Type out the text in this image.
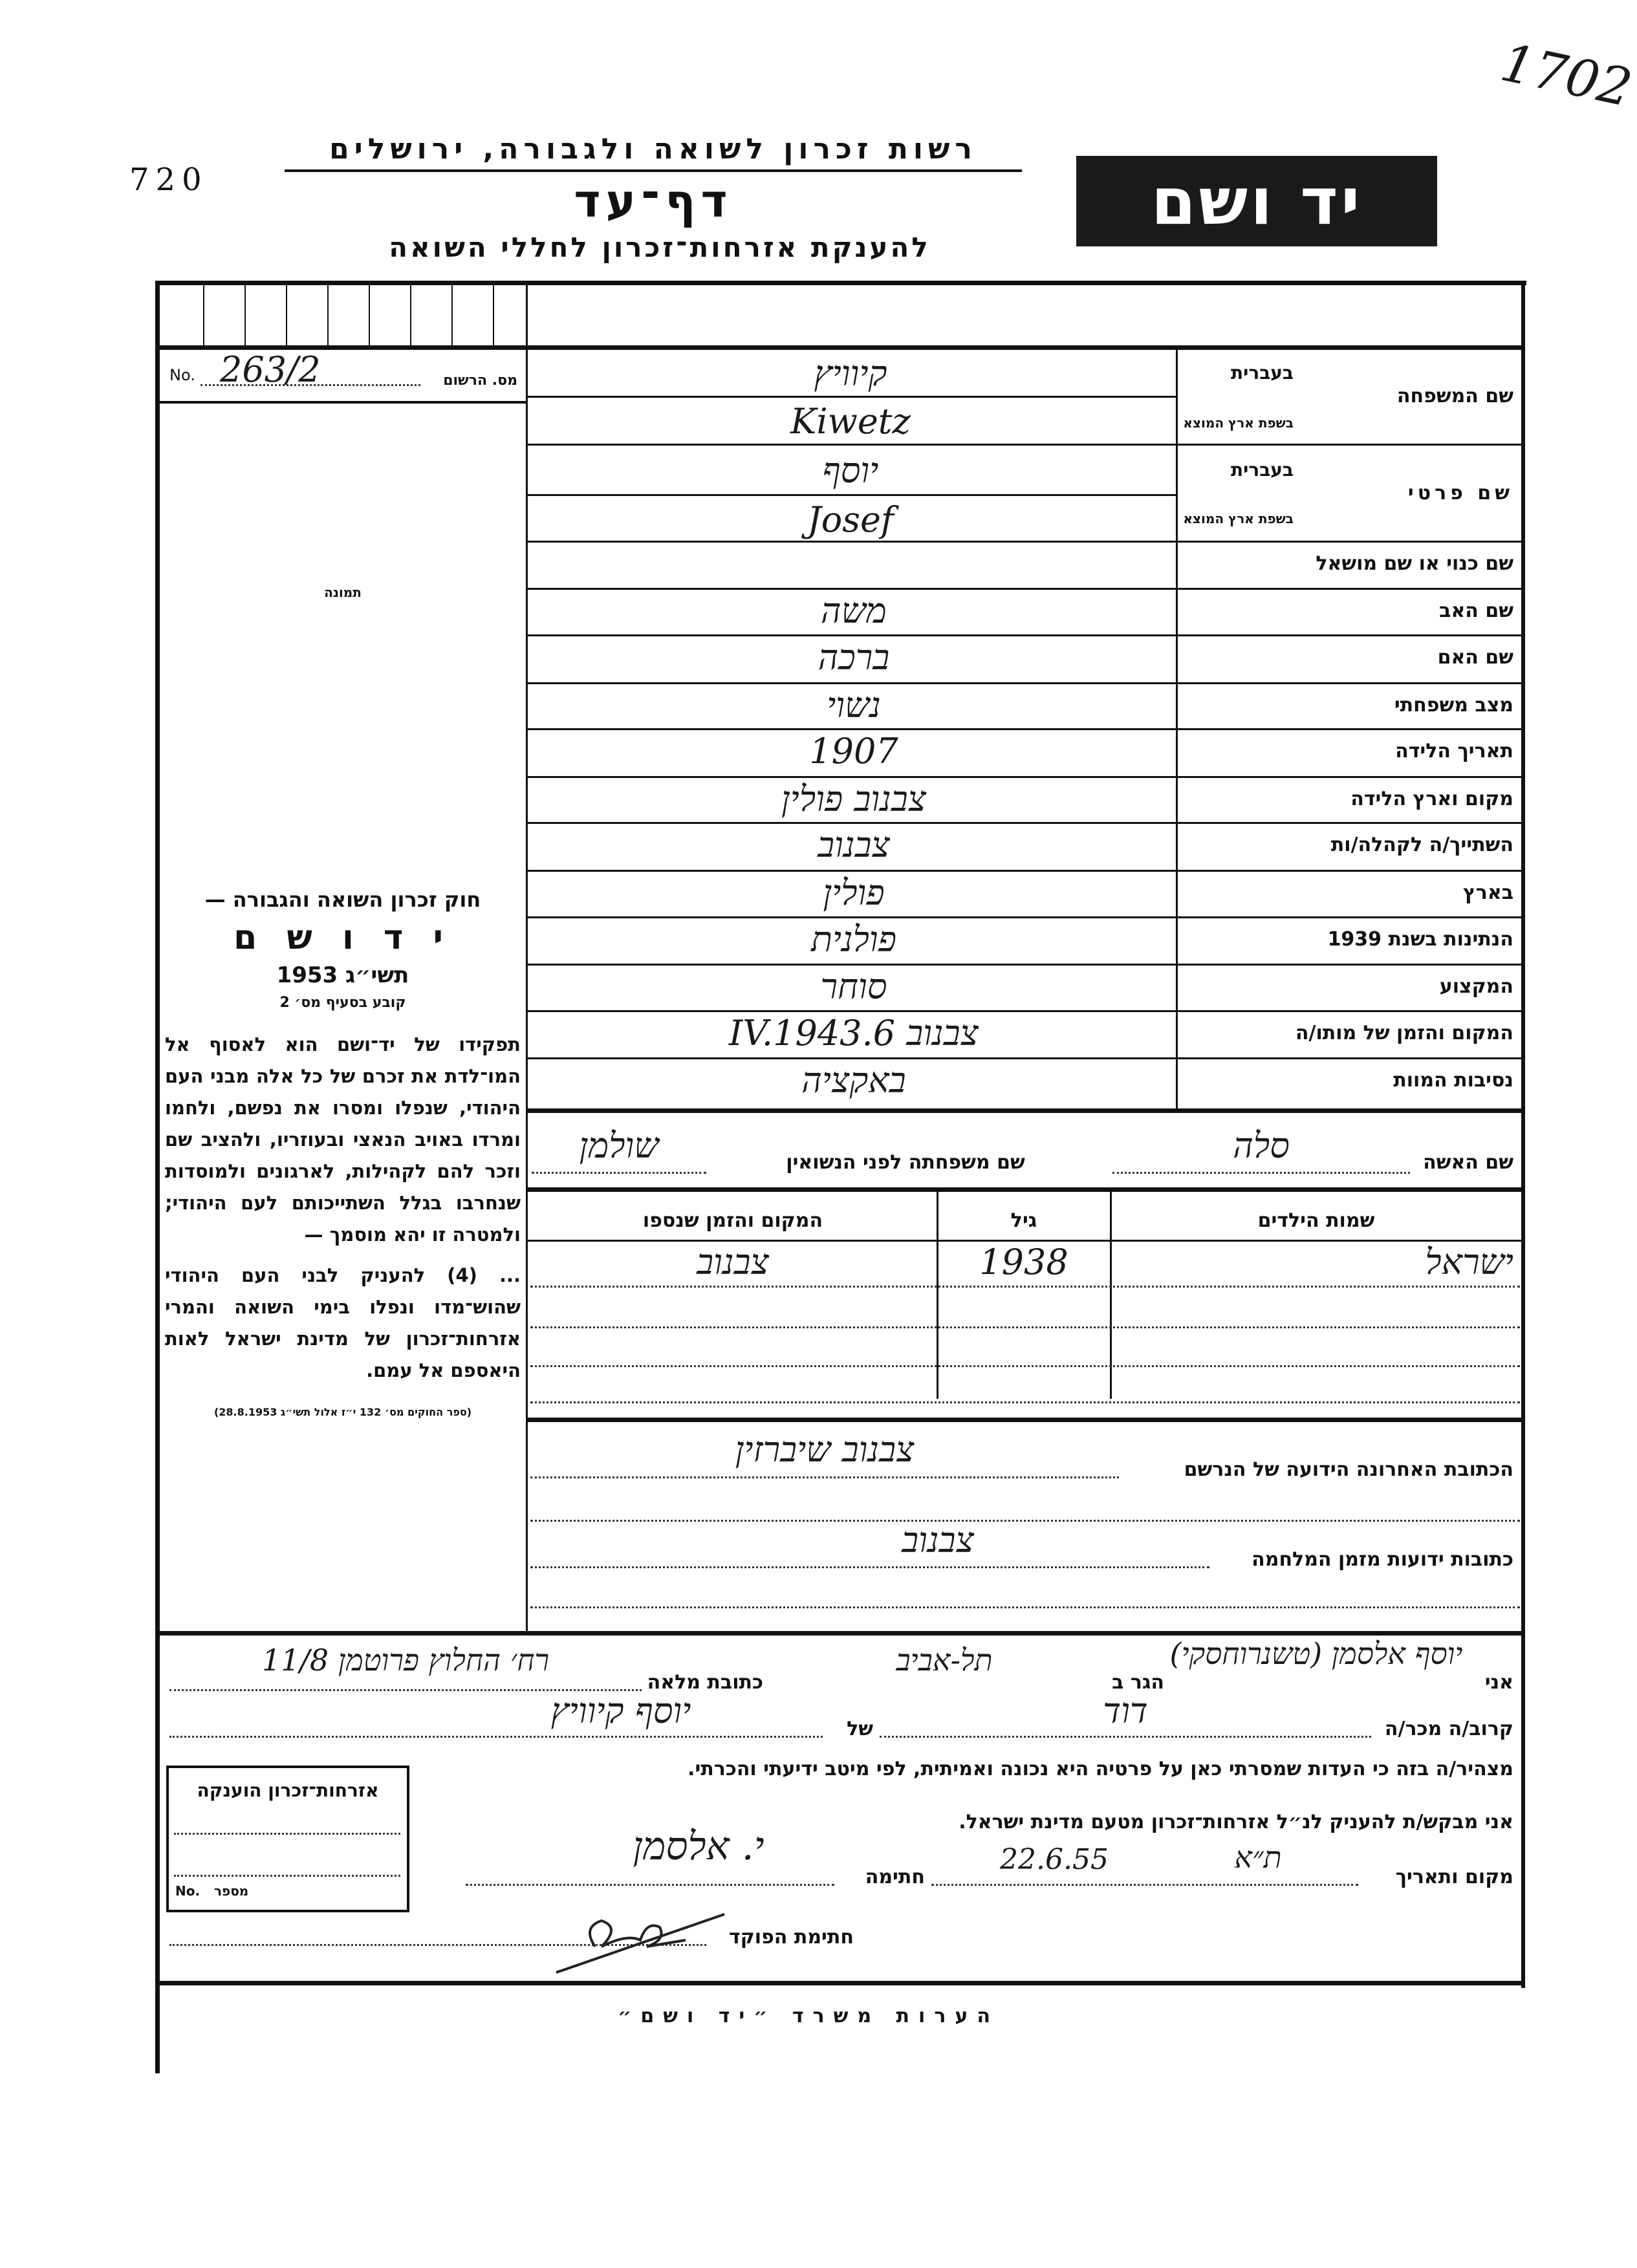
1702
720
רשות זכרון לשואה ולגבורה, ירושלים
דף־עד
להענקת אזרחות־זכרון לחללי השואה
יד ושם
No. 263/2	מס. הרשום
תמונה
חוק זכרון השואה והגבורה —
י ד ו ש ם
תשי״ג 1953
קובע בסעיף מס׳ 2
תפקידו של יד־ושם הוא לאסוף אל המו־לדת את זכרם של כל אלה מבני העם היהודי, שנפלו ומסרו את נפשם, ולחמו ומרדו באויב הנאצי ובעוזריו, ולהציב שם וזכר להם לקהילות, לארגונים ולמוסדות שנחרבו בגלל השתייכותם לעם היהודי; ולמטרה זו יהא מוסמך —
... (4) להעניק לבני העם היהודי שהוש־מדו ונפלו בימי השואה והמרי אזרחות־זכרון של מדינת ישראל לאות היאספם אל עמם.
(ספר החוקים מס׳ 132 י״ז אלול תשי״ג 28.8.1953)
בעברית
שם המשפחה
בשפת ארץ המוצא
קיוויץ
Kiwetz
בעברית
שם פרטי
בשפת ארץ המוצא
יוסף
Josef
שם כנוי או שם מושאל
שם האב
משה
שם האם
ברכה
מצב משפחתי
נשוי
תאריך הלידה
1907
מקום וארץ הלידה
צבנוב פולין
השתייך/ה לקהלה/ות
צבנוב
בארץ
פולין
הנתינות בשנת 1939
פולנית
המקצוע
סוחר
המקום והזמן של מותו/ה
צבנוב 6.IV.1943
נסיבות המוות
באקציה
שם האשה
סלה
שם משפחתה לפני הנשואין
שולמן
שמות הילדים
גיל
המקום והזמן שנספו
ישראל
1938
צבנוב
הכתובת האחרונה הידועה של הנרשם
צבנוב שיברזין
כתובות ידועות מזמן המלחמה
צבנוב
אני
יוסף אלסמן (טשנרוחסקי)
הגר ב
תל-אביב
כתובת מלאה
רח׳ החלוץ פרוטמן 11/8
קרוב/ה מכר/ה
דוד
של
יוסף קיוויץ
מצהיר/ה בזה כי העדות שמסרתי כאן על פרטיה היא נכונה ואמיתית, לפי מיטב ידיעתי והכרתי.
אני מבקש/ת להעניק לנ״ל אזרחות־זכרון מטעם מדינת ישראל.
מקום ותאריך
ת״א
22.6.55
חתימה
י. אלסמן
חתימת הפוקד
אזרחות־זכרון הוענקה
No. מספר
הערות משרד ״יד ושם״
